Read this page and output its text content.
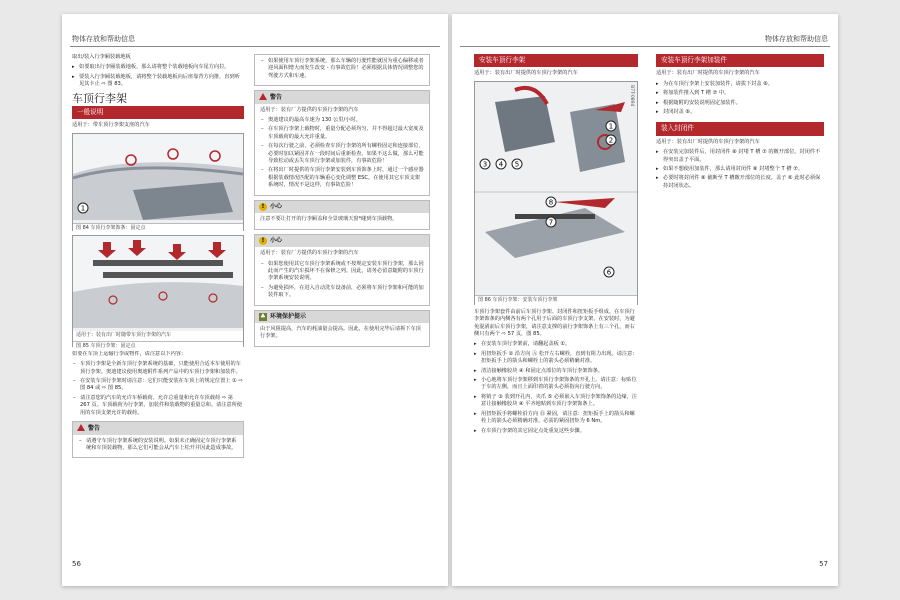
物体存放和帮助信息

取出/装入行李厢装载地板

▸ 如要取出行李厢装载地板，那么请将整个装载地板向车尾方向拉。
▸ 要装入行李厢装载地板，请将整个装载地板向后座靠背方向推，直到听见其卡止 ⇨ 图 83。
车顶行李架
一般说明

适用于：带车顶行李架支座的汽车

1
图 84 车顶行李架饰条：固定点
适用于：装有出厂时随带车顶行李架的汽车
图 85 车顶行李架：固定点

如要在车顶上运输行李或物件，请注意以下内容：

– 车顶行李架是全新车顶行李架系统的基础，只能使用合适本车使用的车顶行李架。奥迪建议使用奥迪附件系列产品中的车顶行李架和加装件。
– 在安装车顶行李架时请注意：它们只能安装在车顶上的规定位置上 ① ⇨ 图 84 或 ⇨ 图 85。
– 请注意您的汽车的允许车桥载荷、允许总重量和允许车顶载荷 ⇨ 第 267 页。车顶载荷为行李架、加装件和装载物的重量总和。请注意所使用的车顶支架允许的载荷。
警告
– 请遵守车顶行李架系统的安装说明。如果未正确固定车顶行李架系统和车顶装载物，那么它们可能会从汽车上松开并因此造成事故。
– 如果使用车顶行李架系统，那么车辆的行驶性能就因为重心偏移或者迎风面积增大而发生改变 - 有事故危险！必须根据具体情况调整您的驾驶方式和车速。
警告

适用于：装有厂方提供的车顶行李架的汽车

– 奥迪建议的最高车速为 130 公里/小时。
– 在车顶行李架上载物时，重量分配必须均匀，并不得超过最大宽度及车顶载荷的最大允许重量。
– 在每次行驶之前，必须检查车顶行李架的所有螺栓固定和连接部位，必要时加以紧固并在一段时间后重新检查。如果不这么做，那么可能导致松动或丢失车顶行李架或加装件，有事故危险！
– 在将出厂时提供的车顶行李架安装到车顶饰条上时，通过一个感应器根据装载情况匹配的车辆重心变化调整 ESC。在使用其它车顶支架系统时，情况不是这样，有事故危险！
! 小心

注意不要让打开的行李厢盖和全景玻璃天窗*碰到车顶载物。

! 小心

适用于：装有厂方提供的车顶行李架的汽车

– 如果您使用其它车顶行李架系统或不按规定安装车顶行李架，那么因此而产生的汽车损坏不在保修之列。因此，请务必留意随附的车顶行李架系统安装说明。
– 为避免损坏，在进入自动洗车设备前，必须将车顶行李架和可能的加装件取下。
♣ 环境保护提示

由于风阻提高，汽车的耗油量会提高。因此，在使用完毕后请拆下车顶行李架。

56
物体存放和帮助信息
安装车顶行李架

适用于：装有出厂时提供的车顶行李架的汽车

B7T-0894
1
2
3 4 5
6
7
8
图 86 车顶行李架：安装车顶行李架

车顶行李架套件由前后车顶行李架、封闭件和扭矩扳手组成。在车顶行李架饰条的内侧各有两个孔用于后面的车顶行李支架。在安装时，为避免混淆前后车顶行李架，请注意支撑的前行李架饰条上有三个孔，而右侧只有两个 ⇨ 57 页，图 85。

▸ 在安装车顶行李架前，请翻起盖板 ①。
▸ 用扭矩扳手 ② 沿方向 Ⓐ 松开左右螺栓，直到有阻力出现。请注意：扭矩扳手上的箭头和螺栓上的箭头必须精确对准。
▸ 清洁接触橡胶块 ④ 和固定点部位的车顶行李架饰条。
▸ 小心地将车顶行李架移到车顶行李架饰条的开孔上。请注意：标贴位于车的左侧，而且上面印着的箭头必须指向行驶方向。
▸ 将销子 ③ 装到开孔内，夹爪 ⑤ 必须嵌入车顶行李架饰条的边缘，注意让接触橡胶块 ④ 平齐地贴到车顶行李架饰条上。
▸ 用扭矩扳手将螺栓沿方向 Ⓑ 紧固，请注意：扭矩扳手上的箭头和螺栓上的箭头必须精确对准。必需的紧固扭矩为 6 Nm。
▸ 在车顶行李架的其它固定点处重复这些步骤。
安装车顶行李架加装件

适用于：装有出厂时提供的车顶行李架的汽车

▸ 为在车顶行李架上安装加装件，请拔下封盖 ⑥。
▸ 将加装件推入到 T 槽 ⑦ 中。
▸ 根据随附的安装说明固定加装件。
▸ 封闭封盖 ⑥。
装入封闭件

适用于：装有出厂时提供的车顶行李架的汽车

▸ 在安装完加装件后，用封闭件 ⑧ 封堵 T 槽 ⑦ 的敞开部位。封闭件不得突出盖子平面。
▸ 如果不想使用加装件，那么请用封闭件 ⑧ 封堵整个 T 槽 ⑦。
▸ 必要时将封闭件 ⑧ 截断至 T 槽敞开部位的长度。盖子 ⑥ 此时必须保持封闭状态。
57
